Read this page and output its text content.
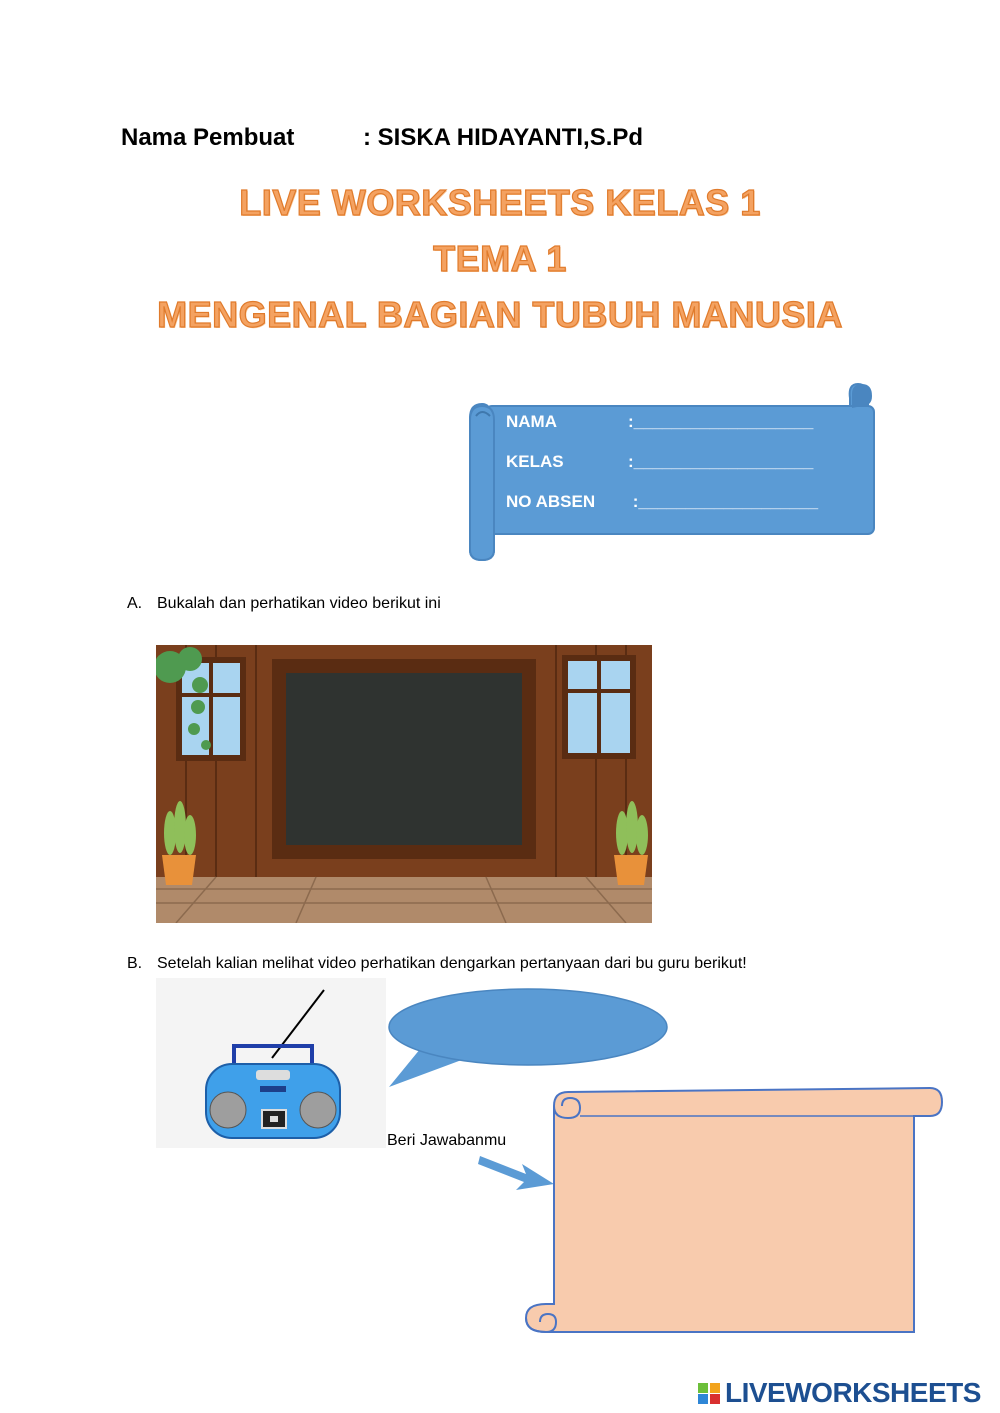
Nama Pembuat	: SISKA HIDAYANTI,S.Pd
LIVE WORKSHEETS KELAS 1
TEMA 1
MENGENAL BAGIAN TUBUH MANUSIA
NAMA	:___________________
KELAS	:___________________
NO ABSEN :___________________
A. Bukalah dan perhatikan video berikut ini
B. Setelah kalian melihat video perhatikan dengarkan pertanyaan dari bu guru berikut!
Beri Jawabanmu
LIVEWORKSHEETS
